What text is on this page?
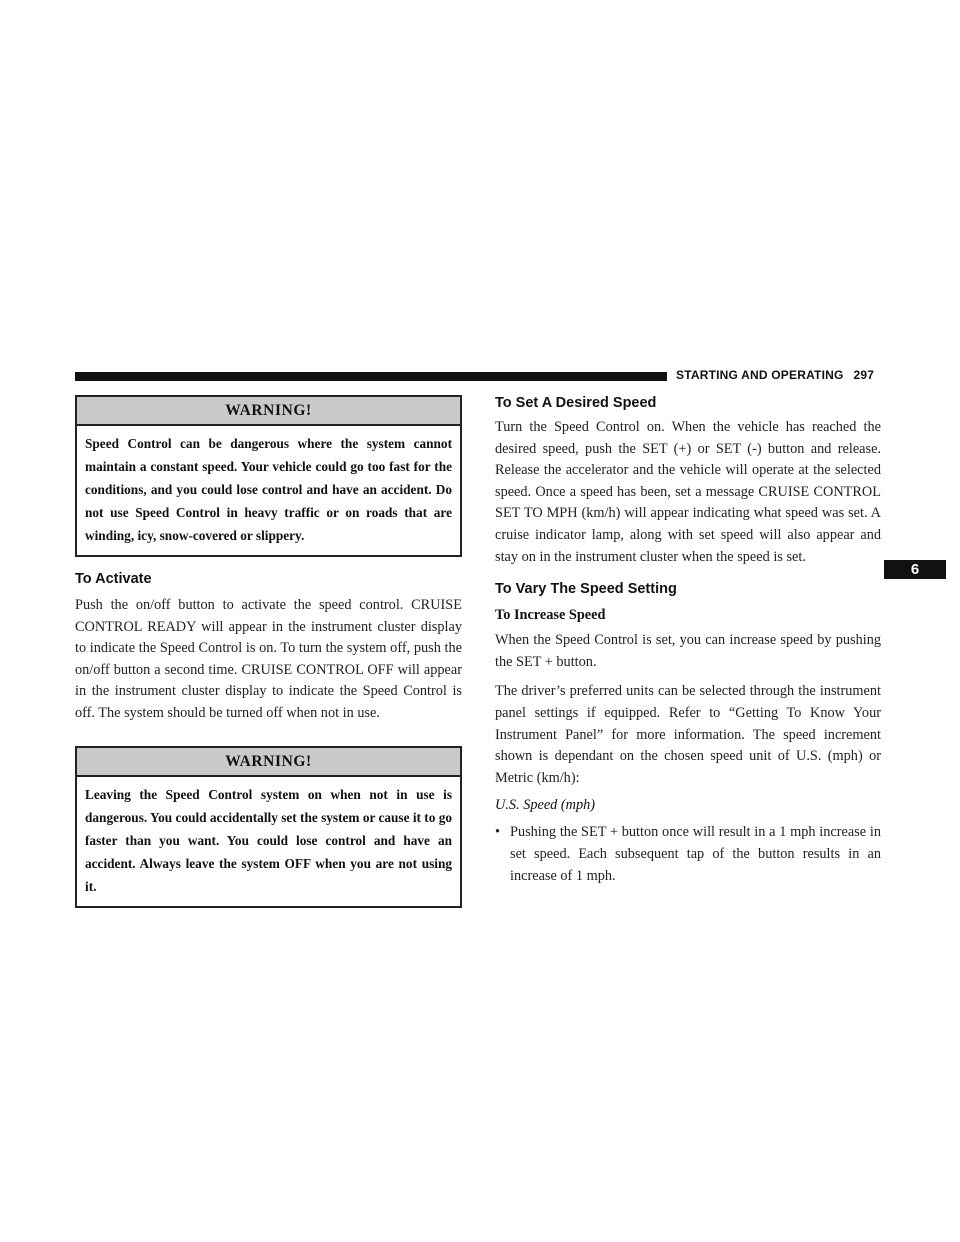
STARTING AND OPERATING 297
WARNING!
Speed Control can be dangerous where the system cannot maintain a constant speed. Your vehicle could go too fast for the conditions, and you could lose control and have an accident. Do not use Speed Control in heavy traffic or on roads that are winding, icy, snow-covered or slippery.
To Activate

Push the on/off button to activate the speed control. CRUISE CONTROL READY will appear in the instrument cluster display to indicate the Speed Control is on. To turn the system off, push the on/off button a second time. CRUISE CONTROL OFF will appear in the instrument cluster display to indicate the Speed Control is off. The system should be turned off when not in use.

WARNING!
Leaving the Speed Control system on when not in use is dangerous. You could accidentally set the system or cause it to go faster than you want. You could lose control and have an accident. Always leave the system OFF when you are not using it.
To Set A Desired Speed

Turn the Speed Control on. When the vehicle has reached the desired speed, push the SET (+) or SET (-) button and release. Release the accelerator and the vehicle will operate at the selected speed. Once a speed has been, set a message CRUISE CONTROL SET TO MPH (km/h) will appear indicating what speed was set. A cruise indicator lamp, along with set speed will also appear and stay on in the instrument cluster when the speed is set.

To Vary The Speed Setting
To Increase Speed

When the Speed Control is set, you can increase speed by pushing the SET + button.

The driver’s preferred units can be selected through the instrument panel settings if equipped. Refer to “Getting To Know Your Instrument Panel” for more information. The speed increment shown is dependant on the chosen speed unit of U.S. (mph) or Metric (km/h):

U.S. Speed (mph)
• Pushing the SET + button once will result in a 1 mph increase in set speed. Each subsequent tap of the button results in an increase of 1 mph.
6
